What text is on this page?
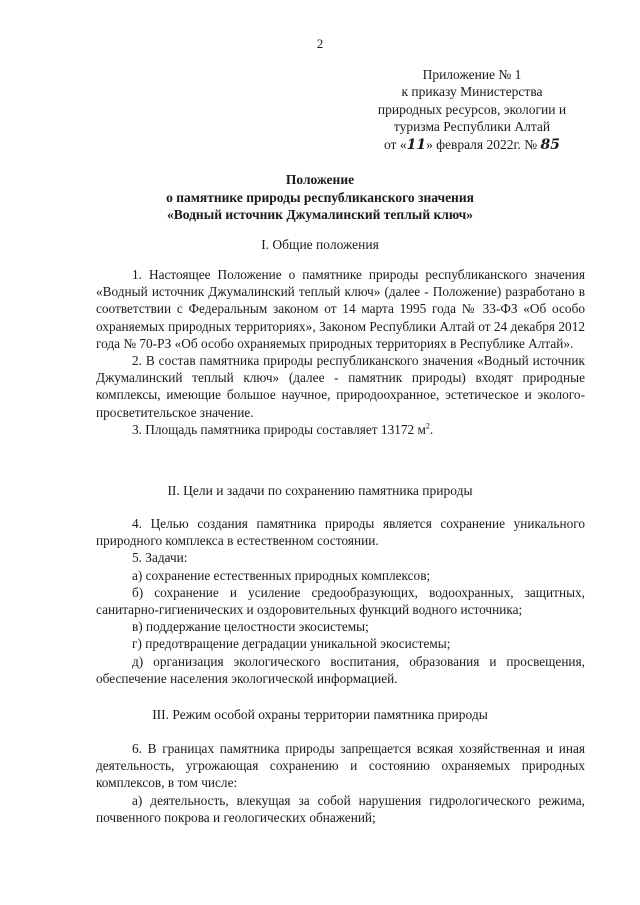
2
Приложение № 1
к приказу Министерства
природных ресурсов, экологии и
туризма Республики Алтай
от «11» февраля 2022г. № 85
Положение
о памятнике природы республиканского значения
«Водный источник Джумалинский теплый ключ»
I. Общие положения

1. Настоящее Положение о памятнике природы республиканского значения «Водный источник Джумалинский теплый ключ» (далее - Положение) разработано в соответствии с Федеральным законом от 14 марта 1995 года № 33-ФЗ «Об особо охраняемых природных территориях», Законом Республики Алтай от 24 декабря 2012 года № 70-РЗ «Об особо охраняемых природных территориях в Республике Алтай».

2. В состав памятника природы республиканского значения «Водный источник Джумалинский теплый ключ» (далее - памятник природы) входят природные комплексы, имеющие большое научное, природоохранное, эстетическое и эколого-просветительское значение.

3. Площадь памятника природы составляет 13172 $м^2$.

II. Цели и задачи по сохранению памятника природы

4. Целью создания памятника природы является сохранение уникального природного комплекса в естественном состоянии.

5. Задачи:

а) сохранение естественных природных комплексов;

б) сохранение и усиление средообразующих, водоохранных, защитных, санитарно-гигиенических и оздоровительных функций водного источника;

в) поддержание целостности экосистемы;

г) предотвращение деградации уникальной экосистемы;

д) организация экологического воспитания, образования и просвещения, обеспечение населения экологической информацией.

III. Режим особой охраны территории памятника природы

6. В границах памятника природы запрещается всякая хозяйственная и иная деятельность, угрожающая сохранению и состоянию охраняемых природных комплексов, в том числе:

а) деятельность, влекущая за собой нарушения гидрологического режима, почвенного покрова и геологических обнажений;
